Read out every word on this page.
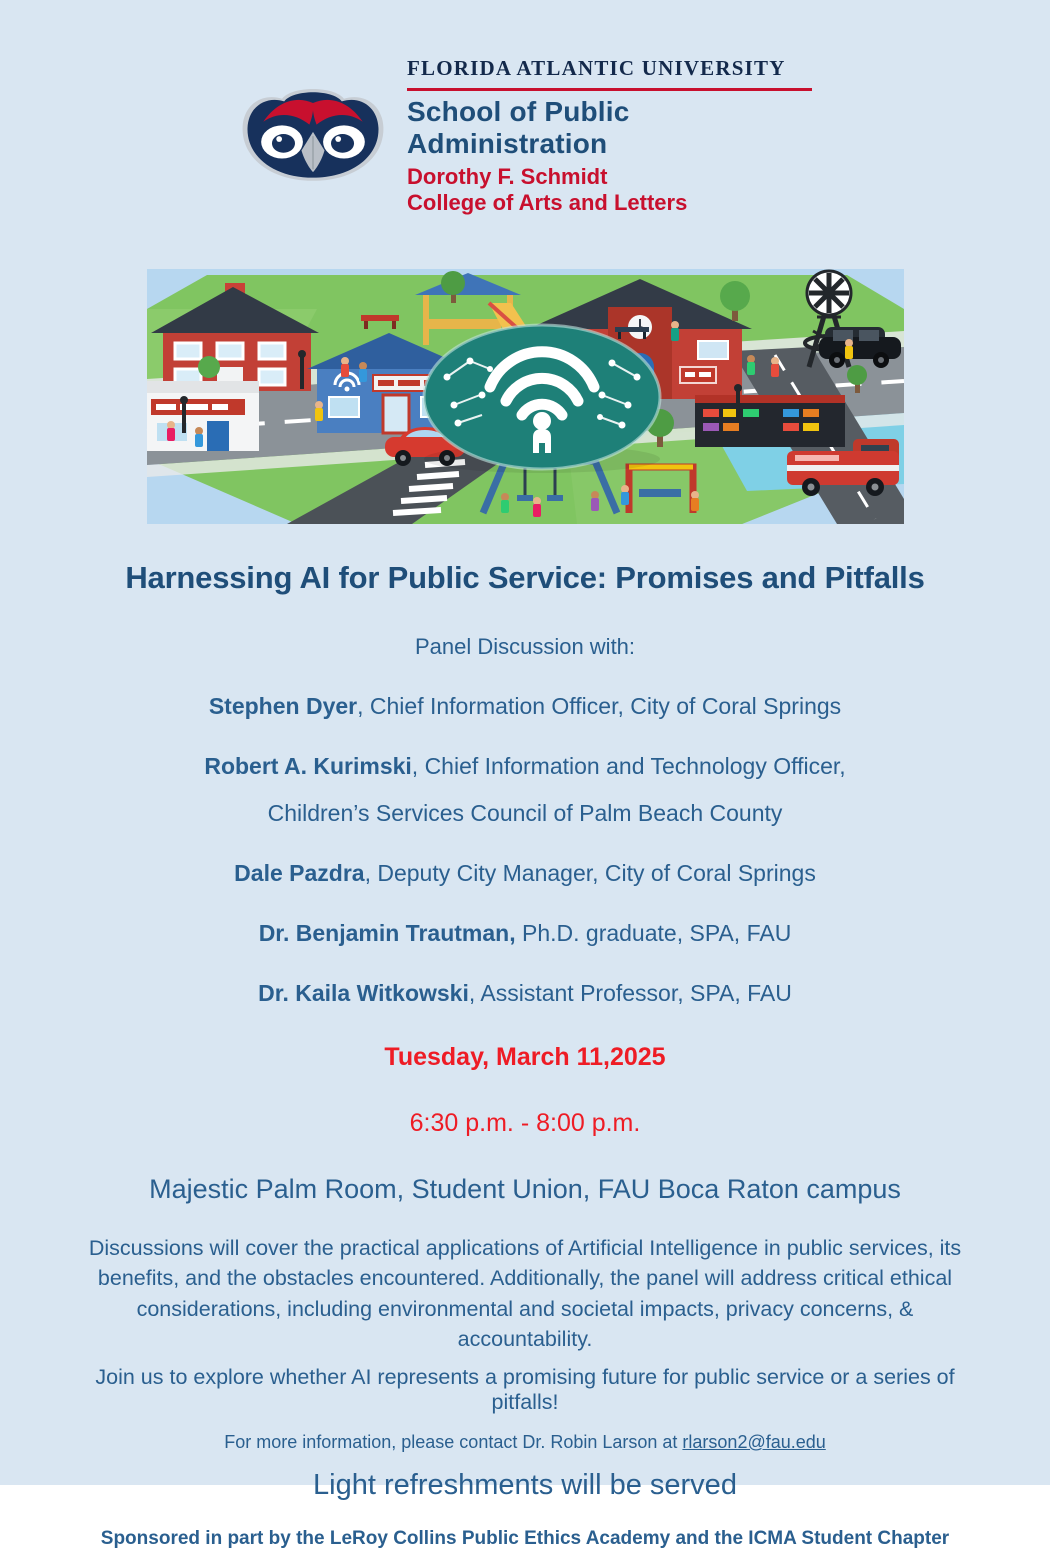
FLORIDA ATLANTIC UNIVERSITY
School of Public Administration
Dorothy F. Schmidt
College of Arts and Letters
Harnessing AI for Public Service: Promises and Pitfalls
Panel Discussion with:
Stephen Dyer, Chief Information Officer, City of Coral Springs
Robert A. Kurimski, Chief Information and Technology Officer,
Children’s Services Council of Palm Beach County
Dale Pazdra, Deputy City Manager, City of Coral Springs
Dr. Benjamin Trautman, Ph.D. graduate, SPA, FAU
Dr. Kaila Witkowski, Assistant Professor, SPA, FAU
Tuesday, March 11,2025
6:30 p.m. - 8:00 p.m.
Majestic Palm Room, Student Union, FAU Boca Raton campus
Discussions will cover the practical applications of Artificial Intelligence in public services, its benefits, and the obstacles encountered. Additionally, the panel will address critical ethical considerations, including environmental and societal impacts, privacy concerns, & accountability.
Join us to explore whether AI represents a promising future for public service or a series of pitfalls!
For more information, please contact Dr. Robin Larson at rlarson2@fau.edu
Light refreshments will be served
Sponsored in part by the LeRoy Collins Public Ethics Academy and the ICMA Student Chapter
